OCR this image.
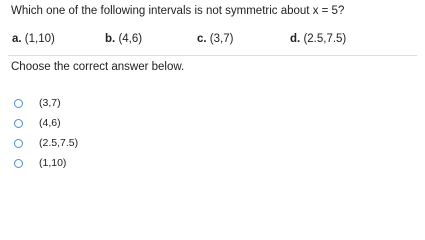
Which one of the following intervals is not symmetric about x = 5?
a. (1,10)	b. (4,6)	c. (3,7)	d. (2.5,7.5)
Choose the correct answer below.
(3,7)
(4,6)
(2.5,7.5)
(1,10)
